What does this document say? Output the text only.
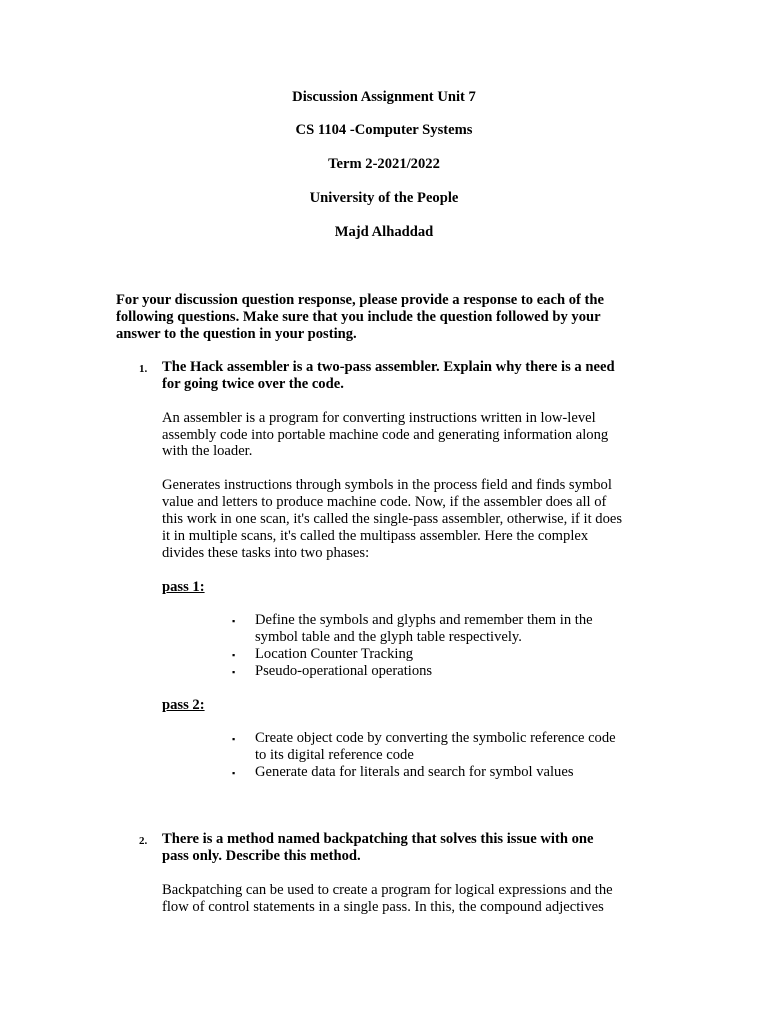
Discussion Assignment Unit 7

CS 1104 -Computer Systems

Term 2-2021/2022

University of the People

Majd Alhaddad

For your discussion question response, please provide a response to each of the

following questions. Make sure that you include the question followed by your

answer to the question in your posting.

1. The Hack assembler is a two-pass assembler. Explain why there is a need

for going twice over the code.

An assembler is a program for converting instructions written in low-level

assembly code into portable machine code and generating information along

with the loader.

Generates instructions through symbols in the process field and finds symbol

value and letters to produce machine code. Now, if the assembler does all of

this work in one scan, it's called the single-pass assembler, otherwise, if it does

it in multiple scans, it's called the multipass assembler. Here the complex

divides these tasks into two phases:

pass 1:

▪ Define the symbols and glyphs and remember them in the

symbol table and the glyph table respectively.

▪ Location Counter Tracking

▪ Pseudo-operational operations

pass 2:

▪ Create object code by converting the symbolic reference code

to its digital reference code

▪ Generate data for literals and search for symbol values

2. There is a method named backpatching that solves this issue with one

pass only. Describe this method.

Backpatching can be used to create a program for logical expressions and the

flow of control statements in a single pass. In this, the compound adjectives
